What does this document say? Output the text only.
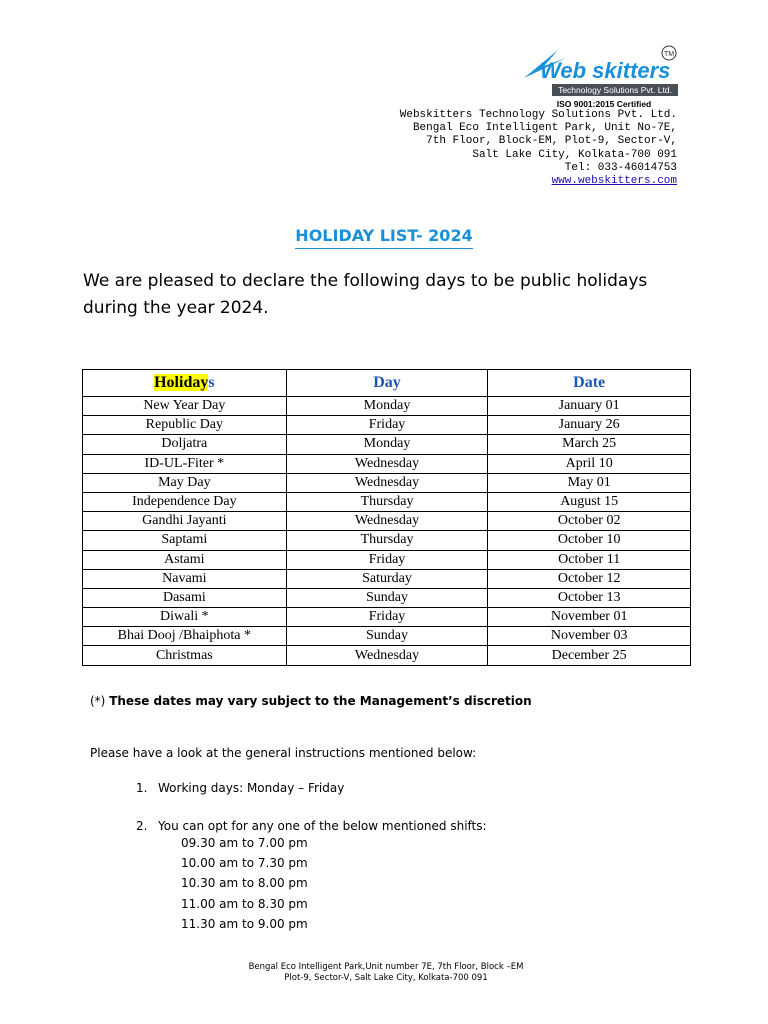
Web skitters
TM
Technology Solutions Pvt. Ltd.
ISO 9001:2015 Certified
Webskitters Technology Solutions Pvt. Ltd.
Bengal Eco Intelligent Park, Unit No-7E,
7th Floor, Block-EM, Plot-9, Sector-V,
Salt Lake City, Kolkata-700 091
Tel: 033-46014753
www.webskitters.com
HOLIDAY LIST- 2024
We are pleased to declare the following days to be public holidays during the year 2024.
Holidays	Day	Date
New Year Day	Monday	January 01
Republic Day	Friday	January 26
Doljatra	Monday	March 25
ID-UL-Fiter *	Wednesday	April 10
May Day	Wednesday	May 01
Independence Day	Thursday	August 15
Gandhi Jayanti	Wednesday	October 02
Saptami	Thursday	October 10
Astami	Friday	October 11
Navami	Saturday	October 12
Dasami	Sunday	October 13
Diwali *	Friday	November 01
Bhai Dooj /Bhaiphota *	Sunday	November 03
Christmas	Wednesday	December 25
(*) These dates may vary subject to the Management’s discretion
Please have a look at the general instructions mentioned below:
1. Working days: Monday – Friday
2. You can opt for any one of the below mentioned shifts:
09.30 am to 7.00 pm
10.00 am to 7.30 pm
10.30 am to 8.00 pm
11.00 am to 8.30 pm
11.30 am to 9.00 pm
Bengal Eco Intelligent Park,Unit number 7E, 7th Floor, Block –EM
Plot-9, Sector-V, Salt Lake City, Kolkata-700 091
